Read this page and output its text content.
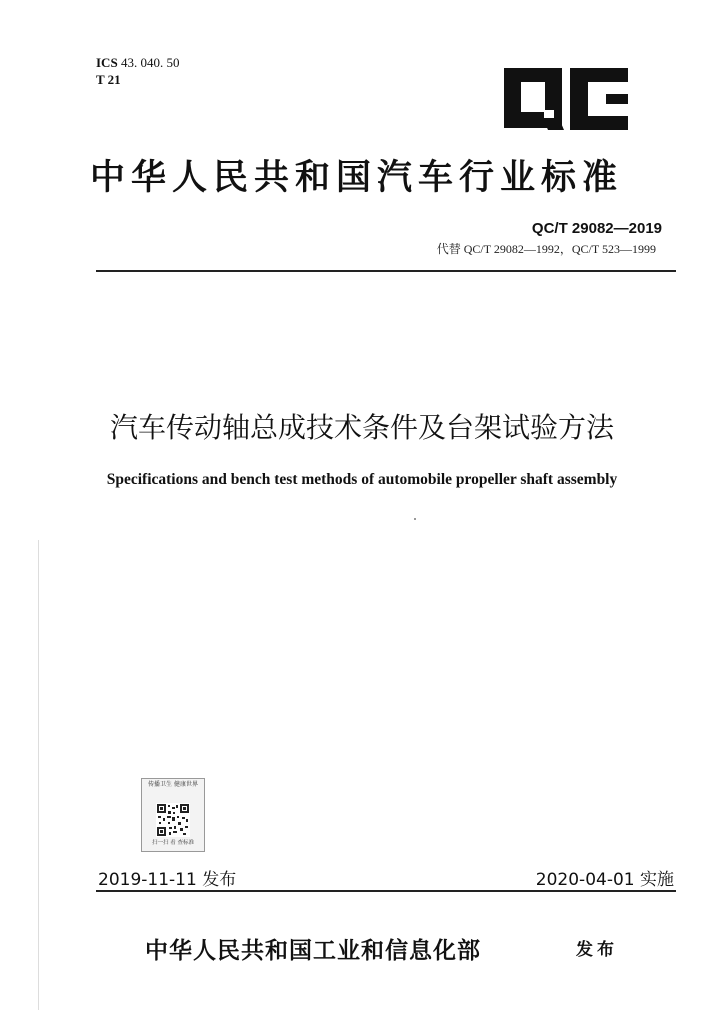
ICS 43. 040. 50
T 21
中华人民共和国汽车行业标准
QC/T 29082—2019
代替 QC/T 29082—1992，QC/T 523—1999
汽车传动轴总成技术条件及台架试验方法
Specifications and bench test methods of automobile propeller shaft assembly
传播卫生 健康世界
扫一扫 看 查标准
2019-11-11 发布	2020-04-01 实施
中华人民共和国工业和信息化部	发布
